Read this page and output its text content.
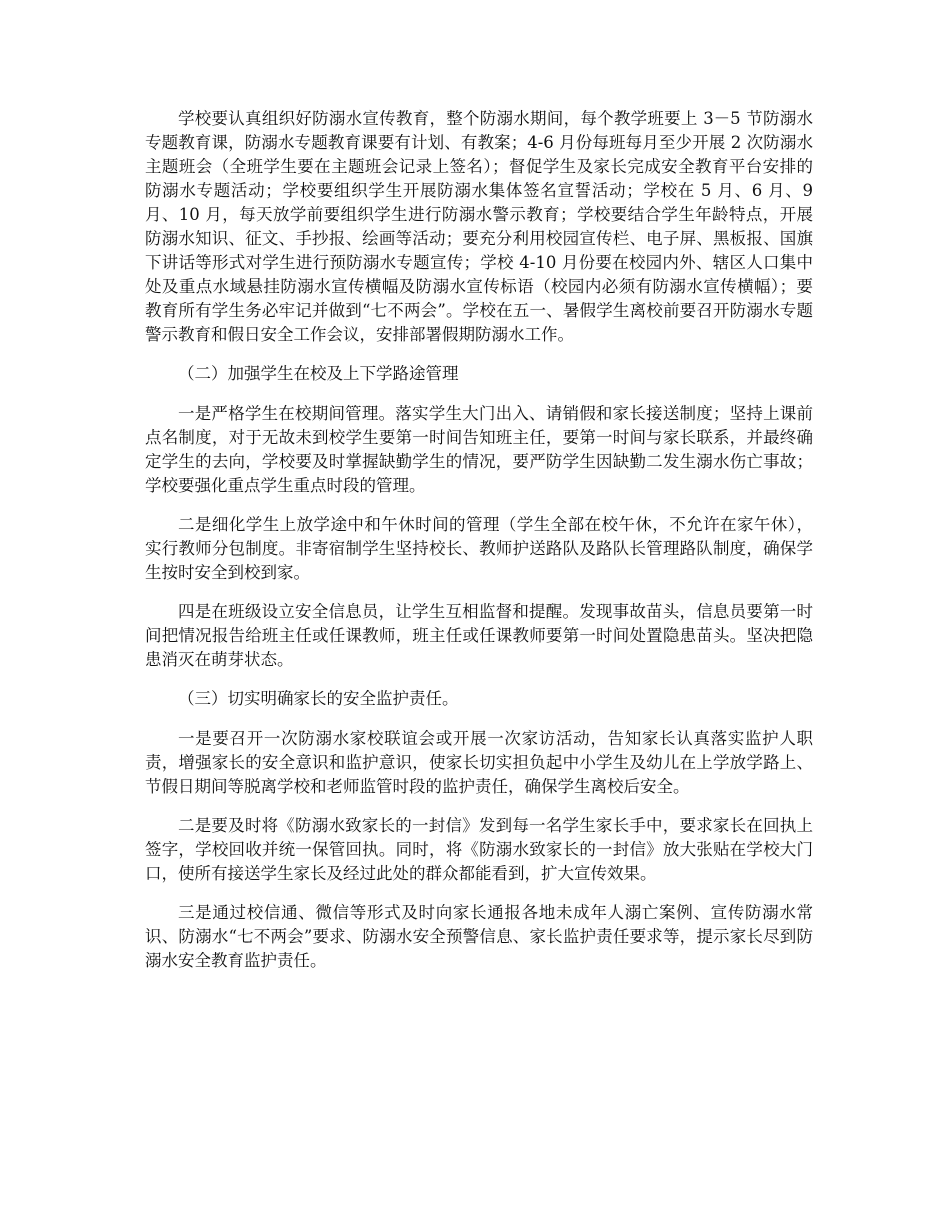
学校要认真组织好防溺水宣传教育，整个防溺水期间，每个教学班要上 3－5 节防溺水专题教育课，防溺水专题教育课要有计划、有教案；4-6 月份每班每月至少开展 2 次防溺水主题班会（全班学生要在主题班会记录上签名）；督促学生及家长完成安全教育平台安排的防溺水专题活动；学校要组织学生开展防溺水集体签名宣誓活动；学校在 5 月、6 月、9 月、10 月，每天放学前要组织学生进行防溺水警示教育；学校要结合学生年龄特点，开展防溺水知识、征文、手抄报、绘画等活动；要充分利用校园宣传栏、电子屏、黑板报、国旗下讲话等形式对学生进行预防溺水专题宣传；学校 4-10 月份要在校园内外、辖区人口集中处及重点水域悬挂防溺水宣传横幅及防溺水宣传标语（校园内必须有防溺水宣传横幅）；要教育所有学生务必牢记并做到“七不两会”。学校在五一、暑假学生离校前要召开防溺水专题警示教育和假日安全工作会议，安排部署假期防溺水工作。

（二）加强学生在校及上下学路途管理

一是严格学生在校期间管理。落实学生大门出入、请销假和家长接送制度；坚持上课前点名制度，对于无故未到校学生要第一时间告知班主任，要第一时间与家长联系，并最终确定学生的去向，学校要及时掌握缺勤学生的情况，要严防学生因缺勤二发生溺水伤亡事故；学校要强化重点学生重点时段的管理。

二是细化学生上放学途中和午休时间的管理（学生全部在校午休，不允许在家午休），实行教师分包制度。非寄宿制学生坚持校长、教师护送路队及路队长管理路队制度，确保学生按时安全到校到家。

四是在班级设立安全信息员，让学生互相监督和提醒。发现事故苗头，信息员要第一时间把情况报告给班主任或任课教师，班主任或任课教师要第一时间处置隐患苗头。坚决把隐患消灭在萌芽状态。

（三）切实明确家长的安全监护责任。

一是要召开一次防溺水家校联谊会或开展一次家访活动，告知家长认真落实监护人职责，增强家长的安全意识和监护意识，使家长切实担负起中小学生及幼儿在上学放学路上、节假日期间等脱离学校和老师监管时段的监护责任，确保学生离校后安全。

二是要及时将《防溺水致家长的一封信》发到每一名学生家长手中，要求家长在回执上签字，学校回收并统一保管回执。同时，将《防溺水致家长的一封信》放大张贴在学校大门口，使所有接送学生家长及经过此处的群众都能看到，扩大宣传效果。

三是通过校信通、微信等形式及时向家长通报各地未成年人溺亡案例、宣传防溺水常识、防溺水“七不两会”要求、防溺水安全预警信息、家长监护责任要求等，提示家长尽到防溺水安全教育监护责任。
